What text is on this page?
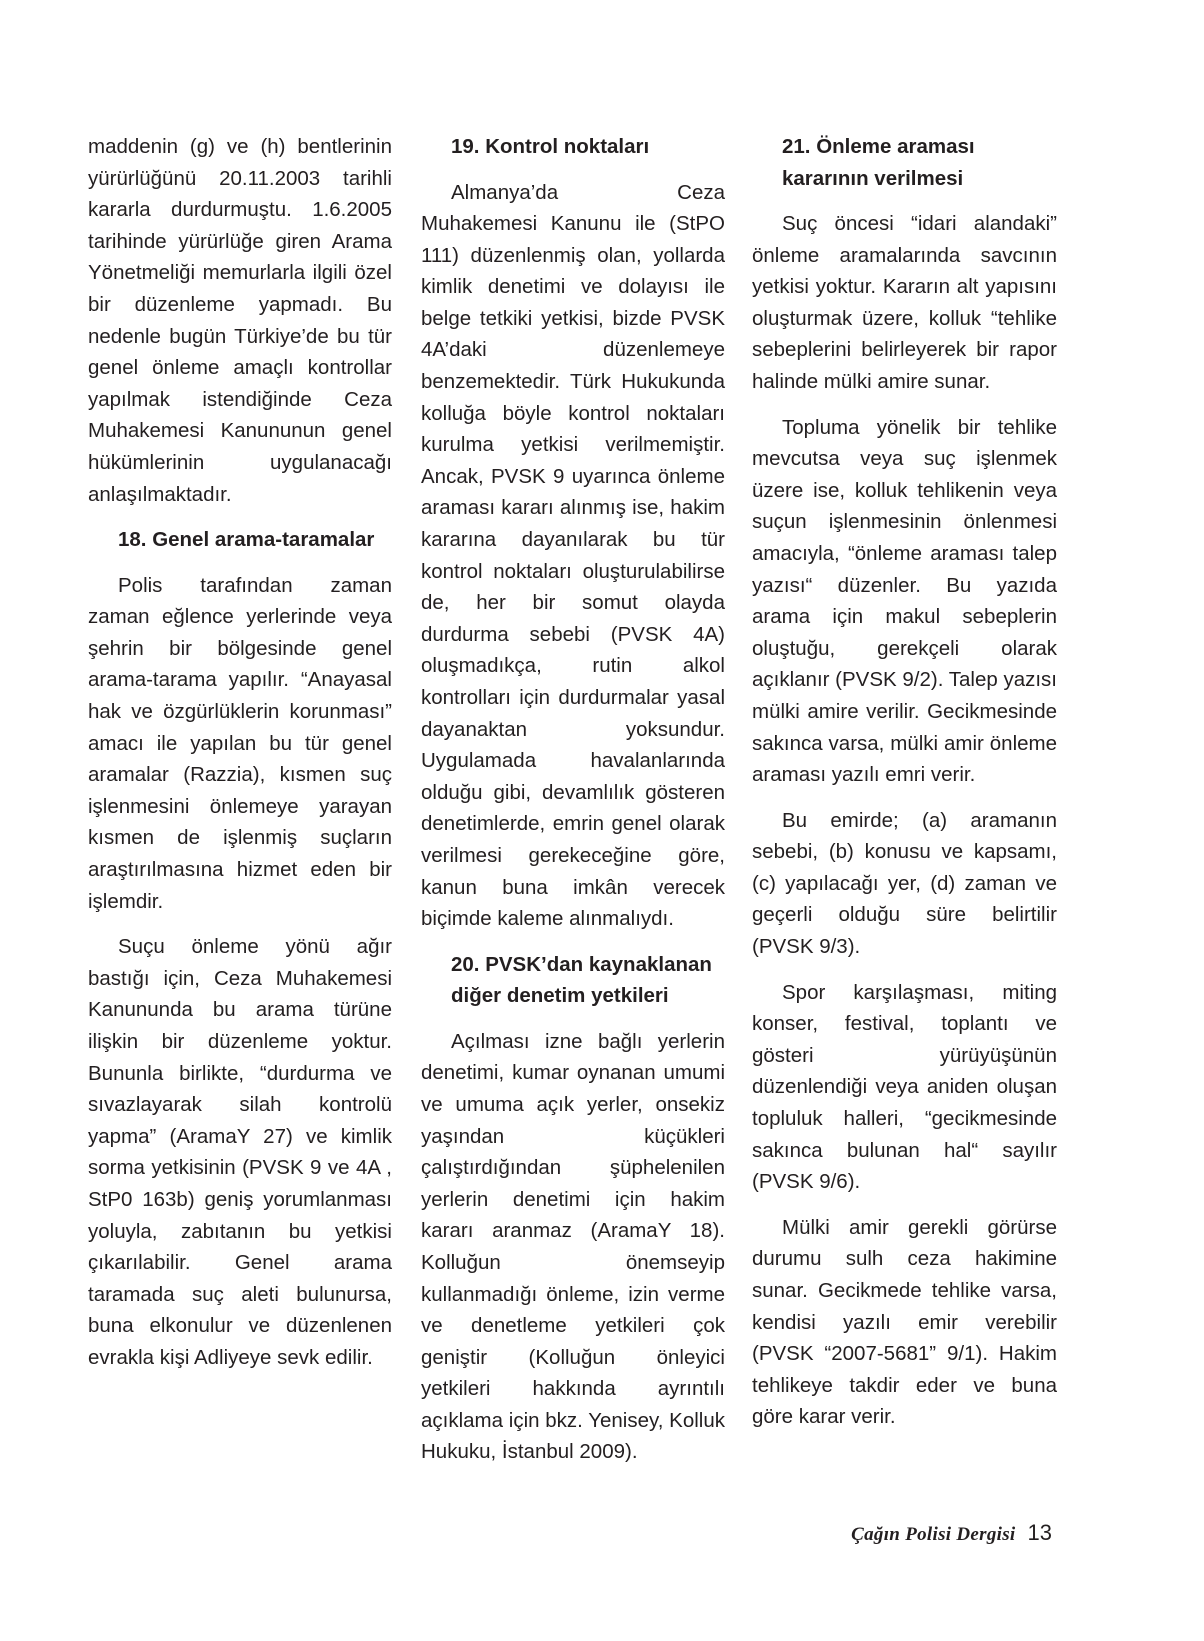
maddenin (g) ve (h) bentlerinin yürürlüğünü 20.11.2003 tarihli kararla durdurmuştu. 1.6.2005 tarihinde yürürlüğe giren Arama Yönetmeliği memurlarla ilgili özel bir düzenleme yapmadı. Bu nedenle bugün Türkiye’de bu tür genel önleme amaçlı kontrollar yapılmak istendiğinde Ceza Muhakemesi Kanununun genel hükümlerinin uygulanacağı anlaşılmaktadır.
18. Genel arama-taramalar
Polis tarafından zaman zaman eğlence yerlerinde veya şehrin bir bölgesinde genel arama-tarama yapılır. “Anayasal hak ve özgürlüklerin korunması” amacı ile yapılan bu tür genel aramalar (Razzia), kısmen suç işlenmesini önlemeye yarayan kısmen de işlenmiş suçların araştırılmasına hizmet eden bir işlemdir.
Suçu önleme yönü ağır bastığı için, Ceza Muhakemesi Kanununda bu arama türüne ilişkin bir düzenleme yoktur. Bununla birlikte, “durdurma ve sıvazlayarak silah kontrolü yapma” (AramaY 27) ve kimlik sorma yetkisinin (PVSK 9 ve 4A , StP0 163b) geniş yorumlanması yoluyla, zabıtanın bu yetkisi çıkarılabilir. Genel arama taramada suç aleti bulunursa, buna elkonulur ve düzenlenen evrakla kişi Adliyeye sevk edilir.
19. Kontrol noktaları
Almanya’da Ceza Muhakemesi Kanunu ile (StPO 111) düzenlenmiş olan, yollarda kimlik denetimi ve dolayısı ile belge tetkiki yetkisi, bizde PVSK 4A’daki düzenlemeye benzemektedir. Türk Hukukunda kolluğa böyle kontrol noktaları kurulma yetkisi verilmemiştir. Ancak, PVSK 9 uyarınca önleme araması kararı alınmış ise, hakim kararına dayanılarak bu tür kontrol noktaları oluşturulabilirse de, her bir somut olayda durdurma sebebi (PVSK 4A) oluşmadıkça, rutin alkol kontrolları için durdurmalar yasal dayanaktan yoksundur. Uygulamada havalanlarında olduğu gibi, devamlılık gösteren denetimlerde, emrin genel olarak verilmesi gerekeceğine göre, kanun buna imkân verecek biçimde kaleme alınmalıydı.
20. PVSK’dan kaynaklanan diğer denetim yetkileri
Açılması izne bağlı yerlerin denetimi, kumar oynanan umumi ve umuma açık yerler, onsekiz yaşından küçükleri çalıştırdığından şüphelenilen yerlerin denetimi için hakim kararı aranmaz (AramaY 18). Kolluğun önemseyip kullanmadığı önleme, izin verme ve denetleme yetkileri çok geniştir (Kolluğun önleyici yetkileri hakkında ayrıntılı açıklama için bkz. Yenisey, Kolluk Hukuku, İstanbul 2009).
21. Önleme araması kararının verilmesi
Suç öncesi “idari alandaki” önleme aramalarında savcının yetkisi yoktur. Kararın alt yapısını oluşturmak üzere, kolluk “tehlike sebeplerini belirleyerek bir rapor halinde mülki amire sunar.
Topluma yönelik bir tehlike mevcutsa veya suç işlenmek üzere ise, kolluk tehlikenin veya suçun işlenmesinin önlenmesi amacıyla, “önleme araması talep yazısı“ düzenler. Bu yazıda arama için makul sebeplerin oluştuğu, gerekçeli olarak açıklanır (PVSK 9/2). Talep yazısı mülki amire verilir. Gecikmesinde sakınca varsa, mülki amir önleme araması yazılı emri verir.
Bu emirde; (a) aramanın sebebi, (b) konusu ve kapsamı, (c) yapılacağı yer, (d) zaman ve geçerli olduğu süre belirtilir (PVSK 9/3).
Spor karşılaşması, miting konser, festival, toplantı ve gösteri yürüyüşünün düzenlendiği veya aniden oluşan topluluk halleri, “gecikmesinde sakınca bulunan hal“ sayılır (PVSK 9/6).
Mülki amir gerekli görürse durumu sulh ceza hakimine sunar. Gecikmede tehlike varsa, kendisi yazılı emir verebilir (PVSK “2007-5681” 9/1). Hakim tehlikeye takdir eder ve buna göre karar verir.
Çağın Polisi Dergisi 13
